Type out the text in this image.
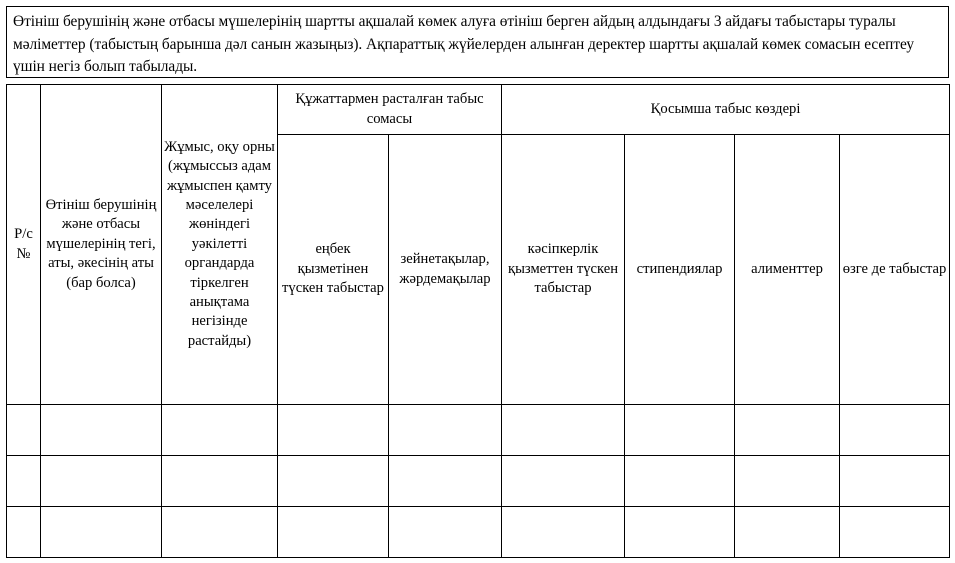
Өтініш берушінің және отбасы мүшелерінің шартты ақшалай көмек алуға өтініш берген айдың алдындағы 3 айдағы табыстары туралы мәліметтер (табыстың барынша дәл санын жазыңыз). Ақпараттық жүйелерден алынған деректер шартты ақшалай көмек сомасын есептеу үшін негіз болып табылады.
Р/с №	Өтініш берушінің және отбасы мүшелерінің тегі, аты, әкесінің аты (бар болса)	Жұмыс, оқу орны (жұмыссыз адам жұмыспен қамту мәселелері жөніндегі уәкілетті органдарда тіркелген анықтама негізінде растайды)	Құжаттармен расталған табыс сомасы		Қосымша табыс көздері			
			еңбек қызметінен түскен табыстар	зейнетақылар, жәрдемақылар	кәсіпкерлік қызметтен түскен табыстар	стипендиялар	алименттер	өзге де табыстар
